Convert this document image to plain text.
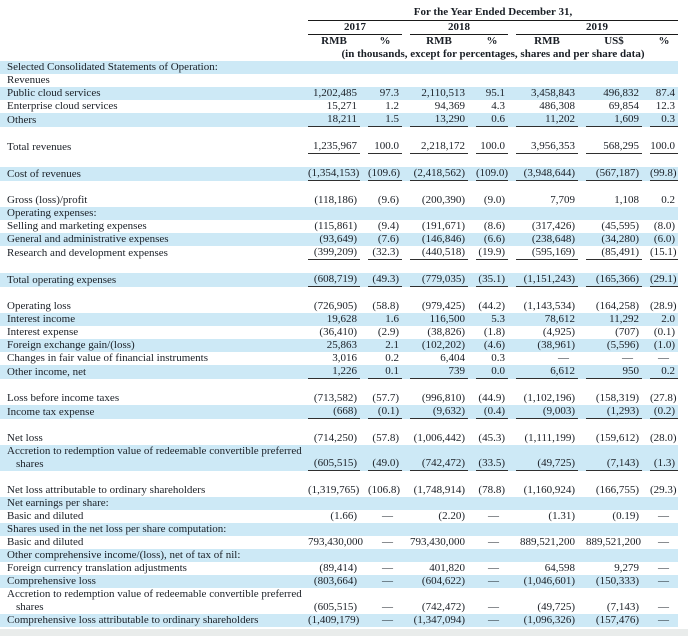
	For the Year Ended December 31,						

	2017		2018		2019		

	RMB	%	RMB	%	RMB	US$	%

	(in thousands, except for percentages, shares and per share data)						

Selected Consolidated Statements of Operation:							

Revenues							

Public cloud services	1,202,485	97.3	2,110,513	95.1	3,458,843	496,832	87.4

Enterprise cloud services	15,271	1.2	94,369	4.3	486,308	69,854	12.3

Others	18,211	1.5	13,290	0.6	11,202	1,609	0.3

Total revenues	1,235,967	100.0	2,218,172	100.0	3,956,353	568,295	100.0

Cost of revenues	(1,354,153)	(109.6)	(2,418,562)	(109.0)	(3,948,644)	(567,187)	(99.8)

Gross (loss)/profit	(118,186)	(9.6)	(200,390)	(9.0)	7,709	1,108	0.2

Operating expenses:							

Selling and marketing expenses	(115,861)	(9.4)	(191,671)	(8.6)	(317,426)	(45,595)	(8.0)

General and administrative expenses	(93,649)	(7.6)	(146,846)	(6.6)	(238,648)	(34,280)	(6.0)

Research and development expenses	(399,209)	(32.3)	(440,518)	(19.9)	(595,169)	(85,491)	(15.1)

Total operating expenses	(608,719)	(49.3)	(779,035)	(35.1)	(1,151,243)	(165,366)	(29.1)

Operating loss	(726,905)	(58.8)	(979,425)	(44.2)	(1,143,534)	(164,258)	(28.9)

Interest income	19,628	1.6	116,500	5.3	78,612	11,292	2.0

Interest expense	(36,410)	(2.9)	(38,826)	(1.8)	(4,925)	(707)	(0.1)

Foreign exchange gain/(loss)	25,863	2.1	(102,202)	(4.6)	(38,961)	(5,596)	(1.0)

Changes in fair value of financial instruments	3,016	0.2	6,404	0.3	—	—	—

Other income, net	1,226	0.1	739	0.0	6,612	950	0.2

Loss before income taxes	(713,582)	(57.7)	(996,810)	(44.9)	(1,102,196)	(158,319)	(27.8)

Income tax expense	(668)	(0.1)	(9,632)	(0.4)	(9,003)	(1,293)	(0.2)

Net loss	(714,250)	(57.8)	(1,006,442)	(45.3)	(1,111,199)	(159,612)	(28.0)

Accretion to redemption value of redeemable convertible preferred
shares	(605,515)	(49.0)	(742,472)	(33.5)	(49,725)	(7,143)	(1.3)

Net loss attributable to ordinary shareholders	(1,319,765)	(106.8)	(1,748,914)	(78.8)	(1,160,924)	(166,755)	(29.3)

Net earnings per share:							

Basic and diluted	(1.66)	—	(2.20)	—	(1.31)	(0.19)	—

Shares used in the net loss per share computation:							

Basic and diluted	793,430,000	—	793,430,000	—	889,521,200	889,521,200	—

Other comprehensive income/(loss), net of tax of nil:							

Foreign currency translation adjustments	(89,414)	—	401,820	—	64,598	9,279	—

Comprehensive loss	(803,664)	—	(604,622)	—	(1,046,601)	(150,333)	—

Accretion to redemption value of redeemable convertible preferred
shares	(605,515)	—	(742,472)	—	(49,725)	(7,143)	—

Comprehensive loss attributable to ordinary shareholders	(1,409,179)	—	(1,347,094)	—	(1,096,326)	(157,476)	—
